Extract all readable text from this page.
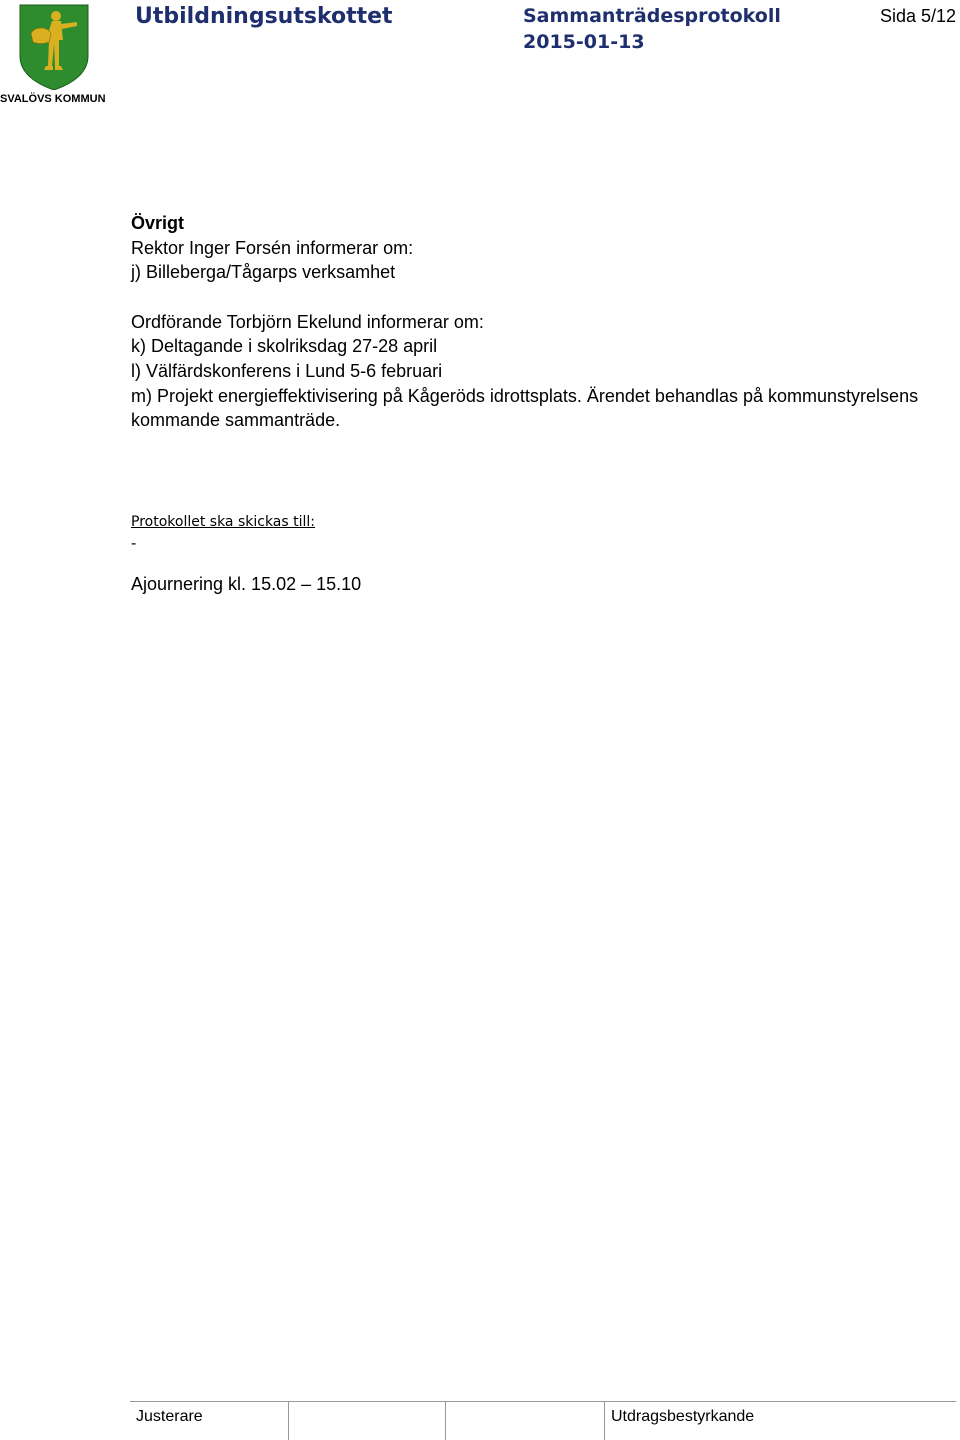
SVALÖVS KOMMUN
Utbildningsutskottet	Sammanträdesprotokoll
2015-01-13
Sida 5/12

Övrigt

Rektor Inger Forsén informerar om:

j) Billeberga/Tågarps verksamhet

Ordförande Torbjörn Ekelund informerar om:

k) Deltagande i skolriksdag 27-28 april

l) Välfärdskonferens i Lund 5-6 februari

m) Projekt energieffektivisering på Kågeröds idrottsplats. Ärendet behandlas på kommunstyrelsens kommande sammanträde.

Protokollet ska skickas till:
-
Ajournering kl. 15.02 – 15.10
Justerare	Utdragsbestyrkande
